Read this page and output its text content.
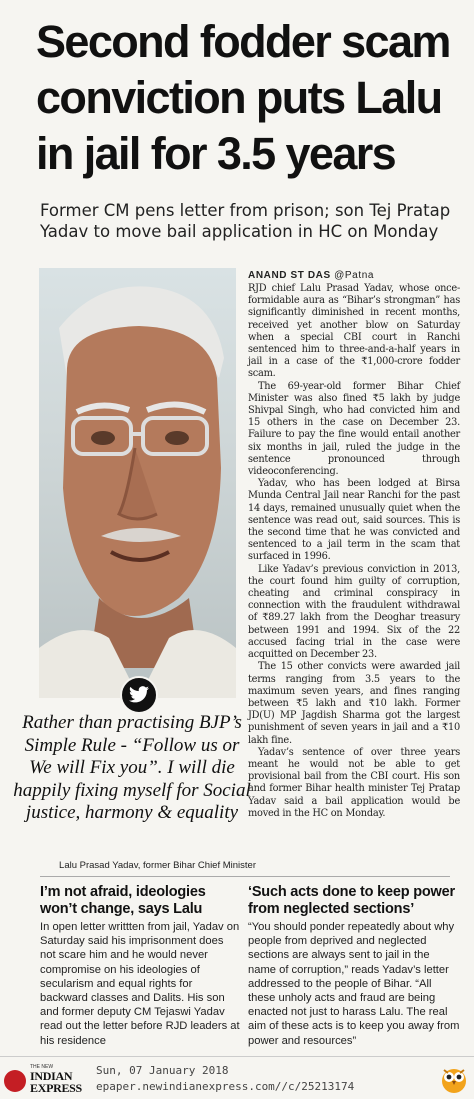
Second fodder scam
conviction puts Lalu
in jail for 3.5 years
Former CM pens letter from prison; son Tej Pratap Yadav to move bail application in HC on Monday
Rather than practising BJP’s Simple Rule - “Follow us or We will Fix you”. I will die happily fixing myself for Social justice, harmony & equality
Lalu Prasad Yadav, former Bihar Chief Minister
ANAND ST DAS @Patna

RJD chief Lalu Prasad Yadav, whose once-formidable aura as “Bihar’s strongman” has significantly diminished in recent months, received yet another blow on Saturday when a special CBI court in Ranchi sentenced him to three-and-a-half years in jail in a case of the ₹1,000-crore fodder scam.

The 69-year-old former Bihar Chief Minister was also fined ₹5 lakh by judge Shivpal Singh, who had convicted him and 15 others in the case on December 23. Failure to pay the fine would entail another six months in jail, ruled the judge in the sentence pronounced through videoconferencing.

Yadav, who has been lodged at Birsa Munda Central Jail near Ranchi for the past 14 days, remained unusually quiet when the sentence was read out, said sources. This is the second time that he was convicted and sentenced to a jail term in the scam that surfaced in 1996.

Like Yadav’s previous conviction in 2013, the court found him guilty of corruption, cheating and criminal conspiracy in connection with the fraudulent withdrawal of ₹89.27 lakh from the Deoghar treasury between 1991 and 1994. Six of the 22 accused facing trial in the case were acquitted on December 23.

The 15 other convicts were awarded jail terms ranging from 3.5 years to the maximum seven years, and fines ranging between ₹5 lakh and ₹10 lakh. Former JD(U) MP Jagdish Sharma got the largest punishment of seven years in jail and a ₹10 lakh fine.

Yadav’s sentence of over three years meant he would not be able to get provisional bail from the CBI court. His son and former Bihar health minister Tej Pratap Yadav said a bail application would be moved in the HC on Monday.

I’m not afraid, ideologies won’t change, says Lalu
In open letter writtten from jail, Yadav on Saturday said his imprisonment does not scare him and he would never compromise on his ideologies of secularism and equal rights for backward classes and Dalits. His son and former deputy CM Tejaswi Yadav read out the letter before RJD leaders at his residence
‘Such acts done to keep power from neglected sections’
“You should ponder repeatedly about why people from deprived and neglected sections are always sent to jail in the name of corruption,” reads Yadav’s letter addressed to the people of Bihar. “All these unholy acts and fraud are being enacted not just to harass Lalu. The real aim of these acts is to keep you away from power and resources”
THE NEW
INDIAN
EXPRESS
Sun, 07 January 2018
epaper.newindianexpress.com//c/25213174
